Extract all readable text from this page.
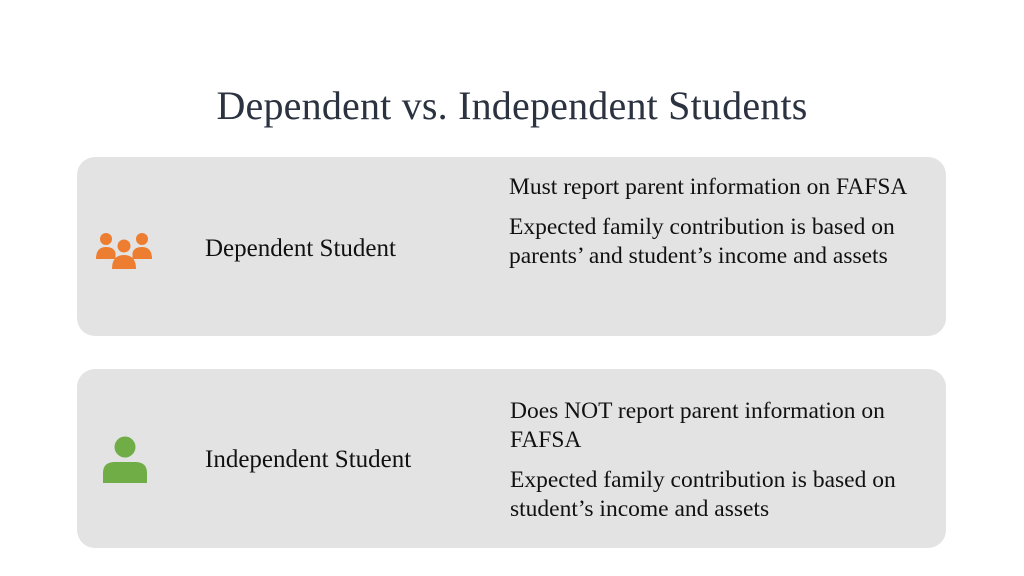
Dependent vs. Independent Students
Dependent Student

Must report parent information on FAFSA

Expected family contribution is based on parents’ and student’s income and assets

Independent Student

Does NOT report parent information on FAFSA

Expected family contribution is based on student’s income and assets
